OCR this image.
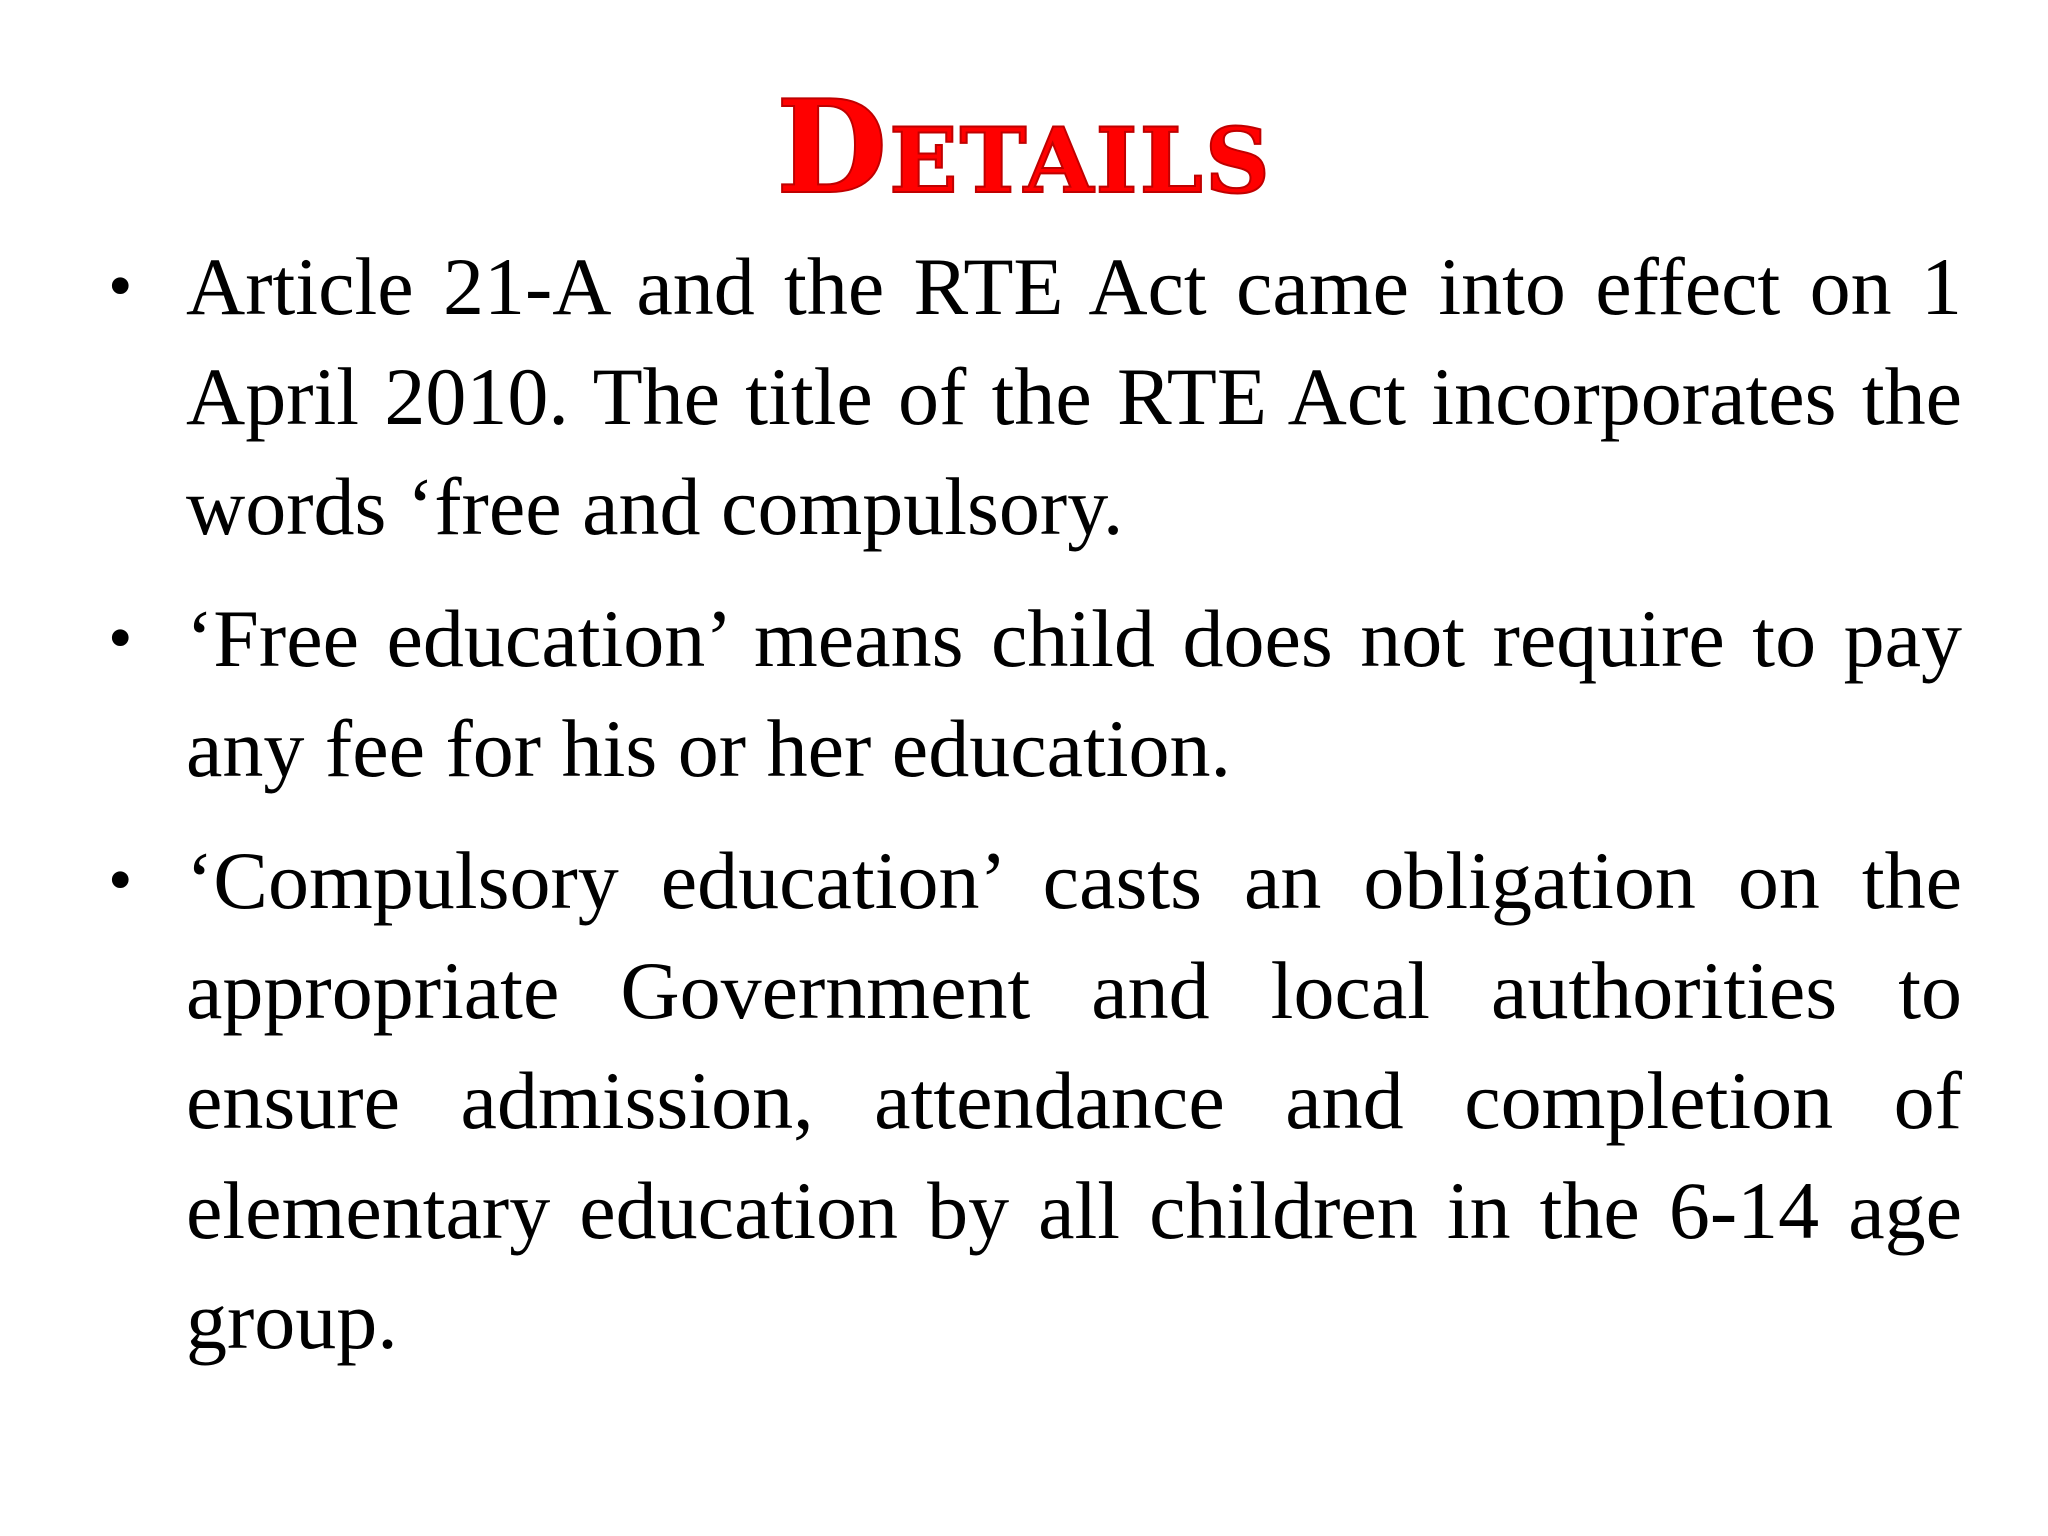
Details
• Article 21-A and the RTE Act came into effect on 1 April 2010. The title of the RTE Act incorporates the words ‘free and compulsory.
• ‘Free education’ means child does not require to pay any fee for his or her education.
• ‘Compulsory education’ casts an obligation on the appropriate Government and local authorities to ensure admission, attendance and completion of elementary education by all children in the 6-14 age group.
